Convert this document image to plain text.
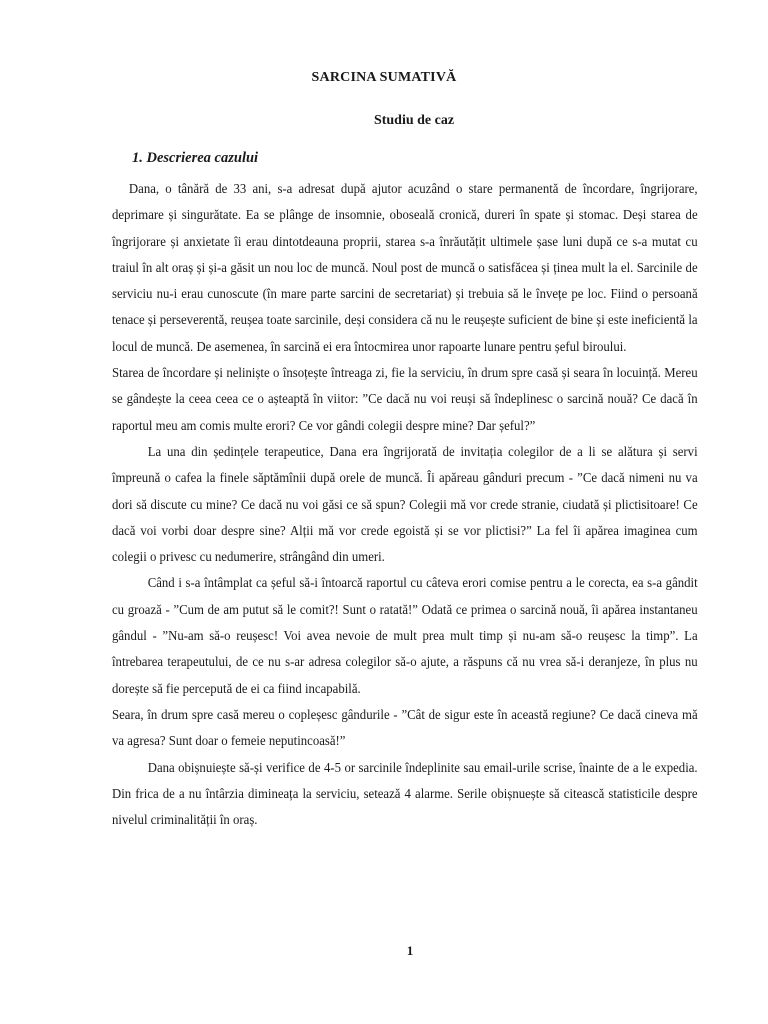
SARCINA SUMATIVĂ
Studiu de caz
1. Descrierea cazului

Dana, o tânără de 33 ani, s-a adresat după ajutor acuzând o stare permanentă de încordare, îngrijorare, deprimare și singurătate. Ea se plânge de insomnie, oboseală cronică, dureri în spate și stomac. Deși starea de îngrijorare și anxietate îi erau dintotdeauna proprii, starea s-a înrăutățit ultimele șase luni după ce s-a mutat cu traiul în alt oraș și și-a găsit un nou loc de muncă. Noul post de muncă o satisfăcea și ținea mult la el. Sarcinile de serviciu nu-i erau cunoscute (în mare parte sarcini de secretariat) și trebuia să le învețe pe loc. Fiind o persoană tenace și perseverentă, reușea toate sarcinile, deși considera că nu le reușește suficient de bine și este ineficientă la locul de muncă. De asemenea, în sarcină ei era întocmirea unor rapoarte lunare pentru șeful biroului.

Starea de încordare și neliniște o însoțește întreaga zi, fie la serviciu, în drum spre casă și seara în locuință. Mereu se gândește la ceea ceea ce o așteaptă în viitor: ”Ce dacă nu voi reuși să îndeplinesc o sarcină nouă? Ce dacă în raportul meu am comis multe erori? Ce vor gândi colegii despre mine? Dar șeful?”

La una din ședințele terapeutice, Dana era îngrijorată de invitația colegilor de a li se alătura și servi împreună o cafea la finele săptămînii după orele de muncă. Îi apăreau gânduri precum - ”Ce dacă nimeni nu va dori să discute cu mine? Ce dacă nu voi găsi ce să spun? Colegii mă vor crede stranie, ciudată și plictisitoare! Ce dacă voi vorbi doar despre sine? Alții mă vor crede egoistă și se vor plictisi?” La fel îi apărea imaginea cum colegii o privesc cu nedumerire, strângând din umeri.

Când i s-a întâmplat ca șeful să-i întoarcă raportul cu câteva erori comise pentru a le corecta, ea s-a gândit cu groază - ”Cum de am putut să le comit?! Sunt o ratată!” Odată ce primea o sarcină nouă, îi apărea instantaneu gândul - ”Nu-am să-o reușesc! Voi avea nevoie de mult prea mult timp și nu-am să-o reușesc la timp”. La întrebarea terapeutului, de ce nu s-ar adresa colegilor să-o ajute, a răspuns că nu vrea să-i deranjeze, în plus nu dorește să fie percepută de ei ca fiind incapabilă.

Seara, în drum spre casă mereu o copleșesc gândurile - ”Cât de sigur este în această regiune? Ce dacă cineva mă va agresa? Sunt doar o femeie neputincoasă!”

Dana obișnuiește să-și verifice de 4-5 or sarcinile îndeplinite sau email-urile scrise, înainte de a le expedia. Din frica de a nu întârzia dimineața la serviciu, setează 4 alarme. Serile obișnuește să citească statisticile despre nivelul criminalității în oraș.

1
